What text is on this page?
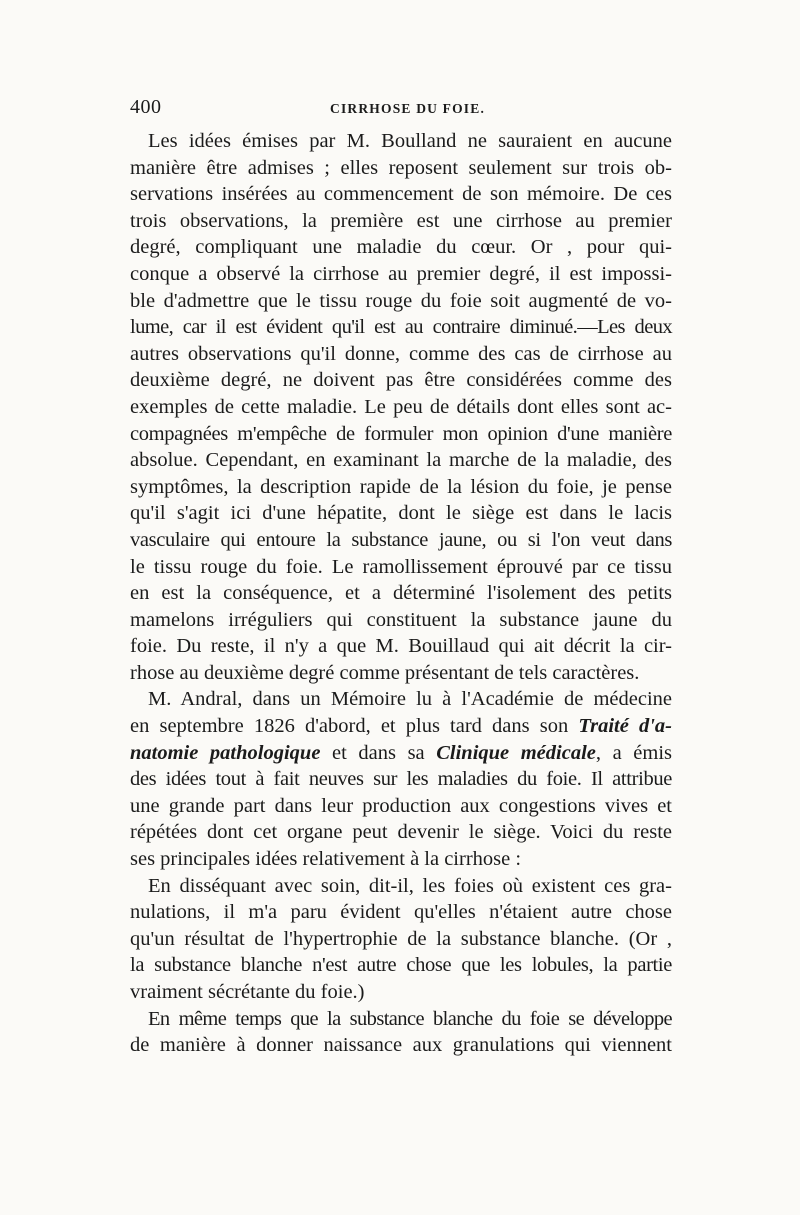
400	CIRRHOSE DU FOIE.
Les idées émises par M. Boulland ne sauraient en aucune
manière être admises ; elles reposent seulement sur trois ob-
servations insérées au commencement de son mémoire. De ces
trois observations, la première est une cirrhose au premier
degré, compliquant une maladie du cœur. Or , pour qui-
conque a observé la cirrhose au premier degré, il est impossi-
ble d'admettre que le tissu rouge du foie soit augmenté de vo-
lume, car il est évident qu'il est au contraire diminué.—Les deux
autres observations qu'il donne, comme des cas de cirrhose au
deuxième degré, ne doivent pas être considérées comme des
exemples de cette maladie. Le peu de détails dont elles sont ac-
compagnées m'empêche de formuler mon opinion d'une manière
absolue. Cependant, en examinant la marche de la maladie, des
symptômes, la description rapide de la lésion du foie, je pense
qu'il s'agit ici d'une hépatite, dont le siège est dans le lacis
vasculaire qui entoure la substance jaune, ou si l'on veut dans
le tissu rouge du foie. Le ramollissement éprouvé par ce tissu
en est la conséquence, et a déterminé l'isolement des petits
mamelons irréguliers qui constituent la substance jaune du
foie. Du reste, il n'y a que M. Bouillaud qui ait décrit la cir-
rhose au deuxième degré comme présentant de tels caractères.
M. Andral, dans un Mémoire lu à l'Académie de médecine
en septembre 1826 d'abord, et plus tard dans son Traité d'a-
natomie pathologique et dans sa Clinique médicale, a émis
des idées tout à fait neuves sur les maladies du foie. Il attribue
une grande part dans leur production aux congestions vives et
répétées dont cet organe peut devenir le siège. Voici du reste
ses principales idées relativement à la cirrhose :
En disséquant avec soin, dit-il, les foies où existent ces gra-
nulations, il m'a paru évident qu'elles n'étaient autre chose
qu'un résultat de l'hypertrophie de la substance blanche. (Or ,
la substance blanche n'est autre chose que les lobules, la partie
vraiment sécrétante du foie.)
En même temps que la substance blanche du foie se développe
de manière à donner naissance aux granulations qui viennent
